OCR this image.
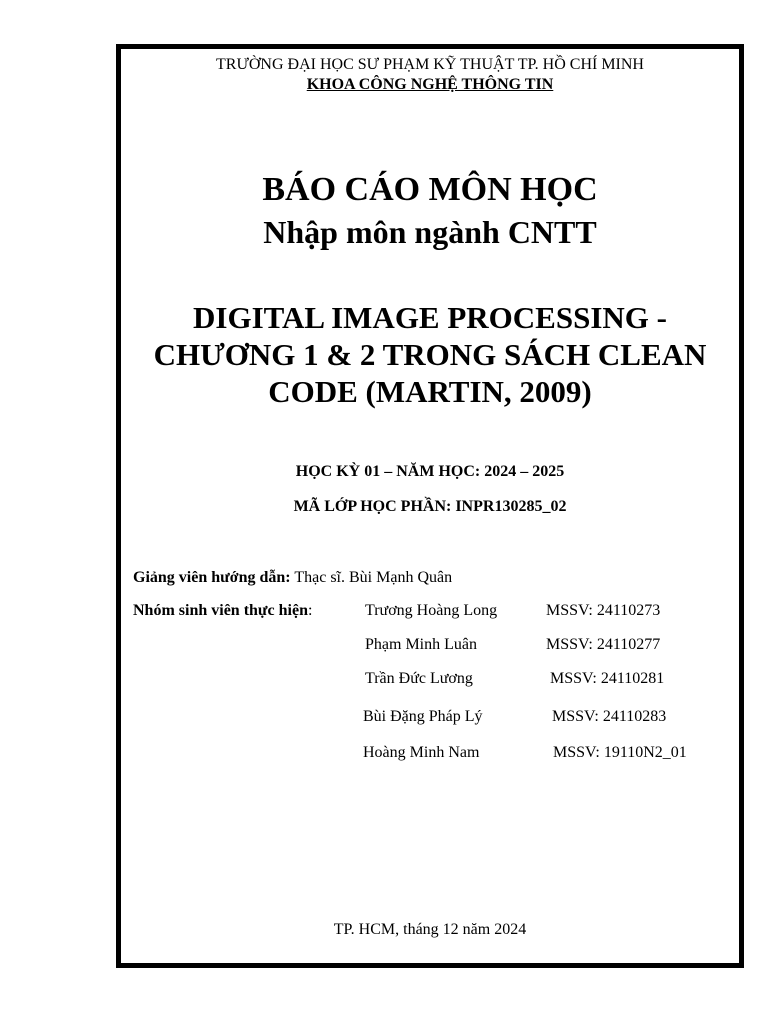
TRƯỜNG ĐẠI HỌC SƯ PHẠM KỸ THUẬT TP. HỒ CHÍ MINH
KHOA CÔNG NGHỆ THÔNG TIN
BÁO CÁO MÔN HỌC
Nhập môn ngành CNTT
DIGITAL IMAGE PROCESSING -
CHƯƠNG 1 & 2 TRONG SÁCH CLEAN
CODE (MARTIN, 2009)
HỌC KỲ 01 – NĂM HỌC: 2024 – 2025
MÃ LỚP HỌC PHẦN: INPR130285_02
Giảng viên hướng dẫn: Thạc sĩ. Bùi Mạnh Quân
Nhóm sinh viên thực hiện:	Trương Hoàng Long	MSSV: 24110273
Phạm Minh Luân	MSSV: 24110277
Trần Đức Lương	MSSV: 24110281
Bùi Đặng Pháp Lý	MSSV: 24110283
Hoàng Minh Nam	MSSV: 19110N2_01
TP. HCM, tháng 12 năm 2024
